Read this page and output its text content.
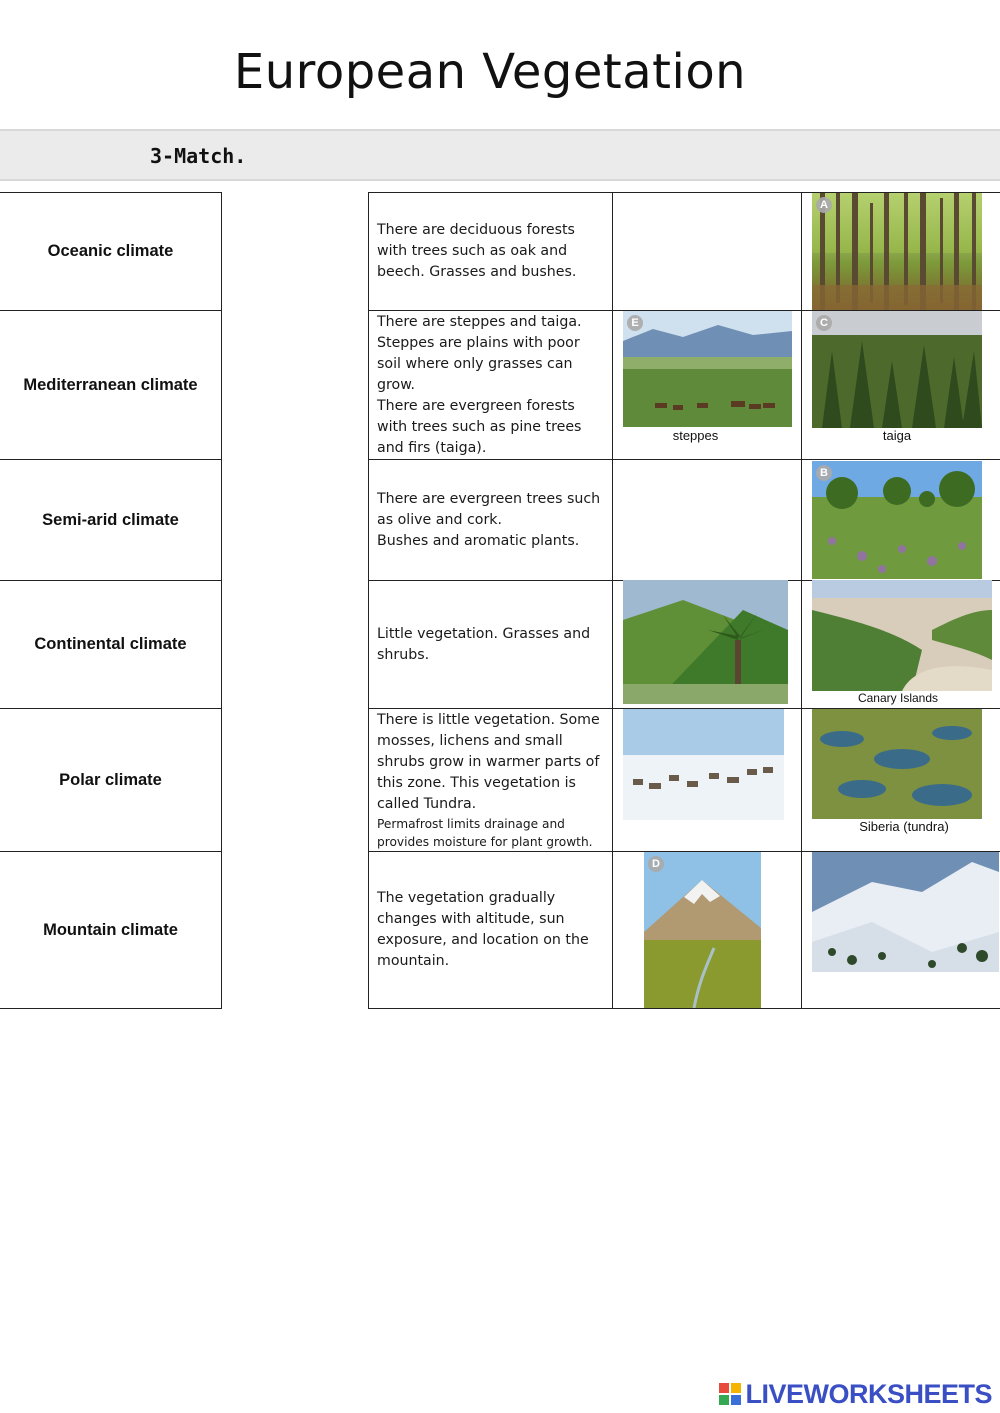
European Vegetation
3-Match.
Oceanic climate
Mediterranean climate
Semi-arid climate
Continental climate
Polar climate
Mountain climate
There are deciduous forests with trees such as oak and beech. Grasses and bushes.
There are steppes and taiga. Steppes are plains with poor soil where only grasses can grow.
There are evergreen forests with trees such as pine trees and firs (taiga).
There are evergreen trees such as olive and cork.
Bushes and aromatic plants.
Little vegetation. Grasses and shrubs.
There is little vegetation. Some mosses, lichens and small shrubs grow in warmer parts of this zone. This vegetation is called Tundra.
Permafrost limits drainage and provides moisture for plant growth.
The vegetation gradually changes with altitude, sun exposure, and location on the mountain.
A
E
steppes
C
taiga
B
Canary Islands
Siberia (tundra)
D
LIVEWORKSHEETS
